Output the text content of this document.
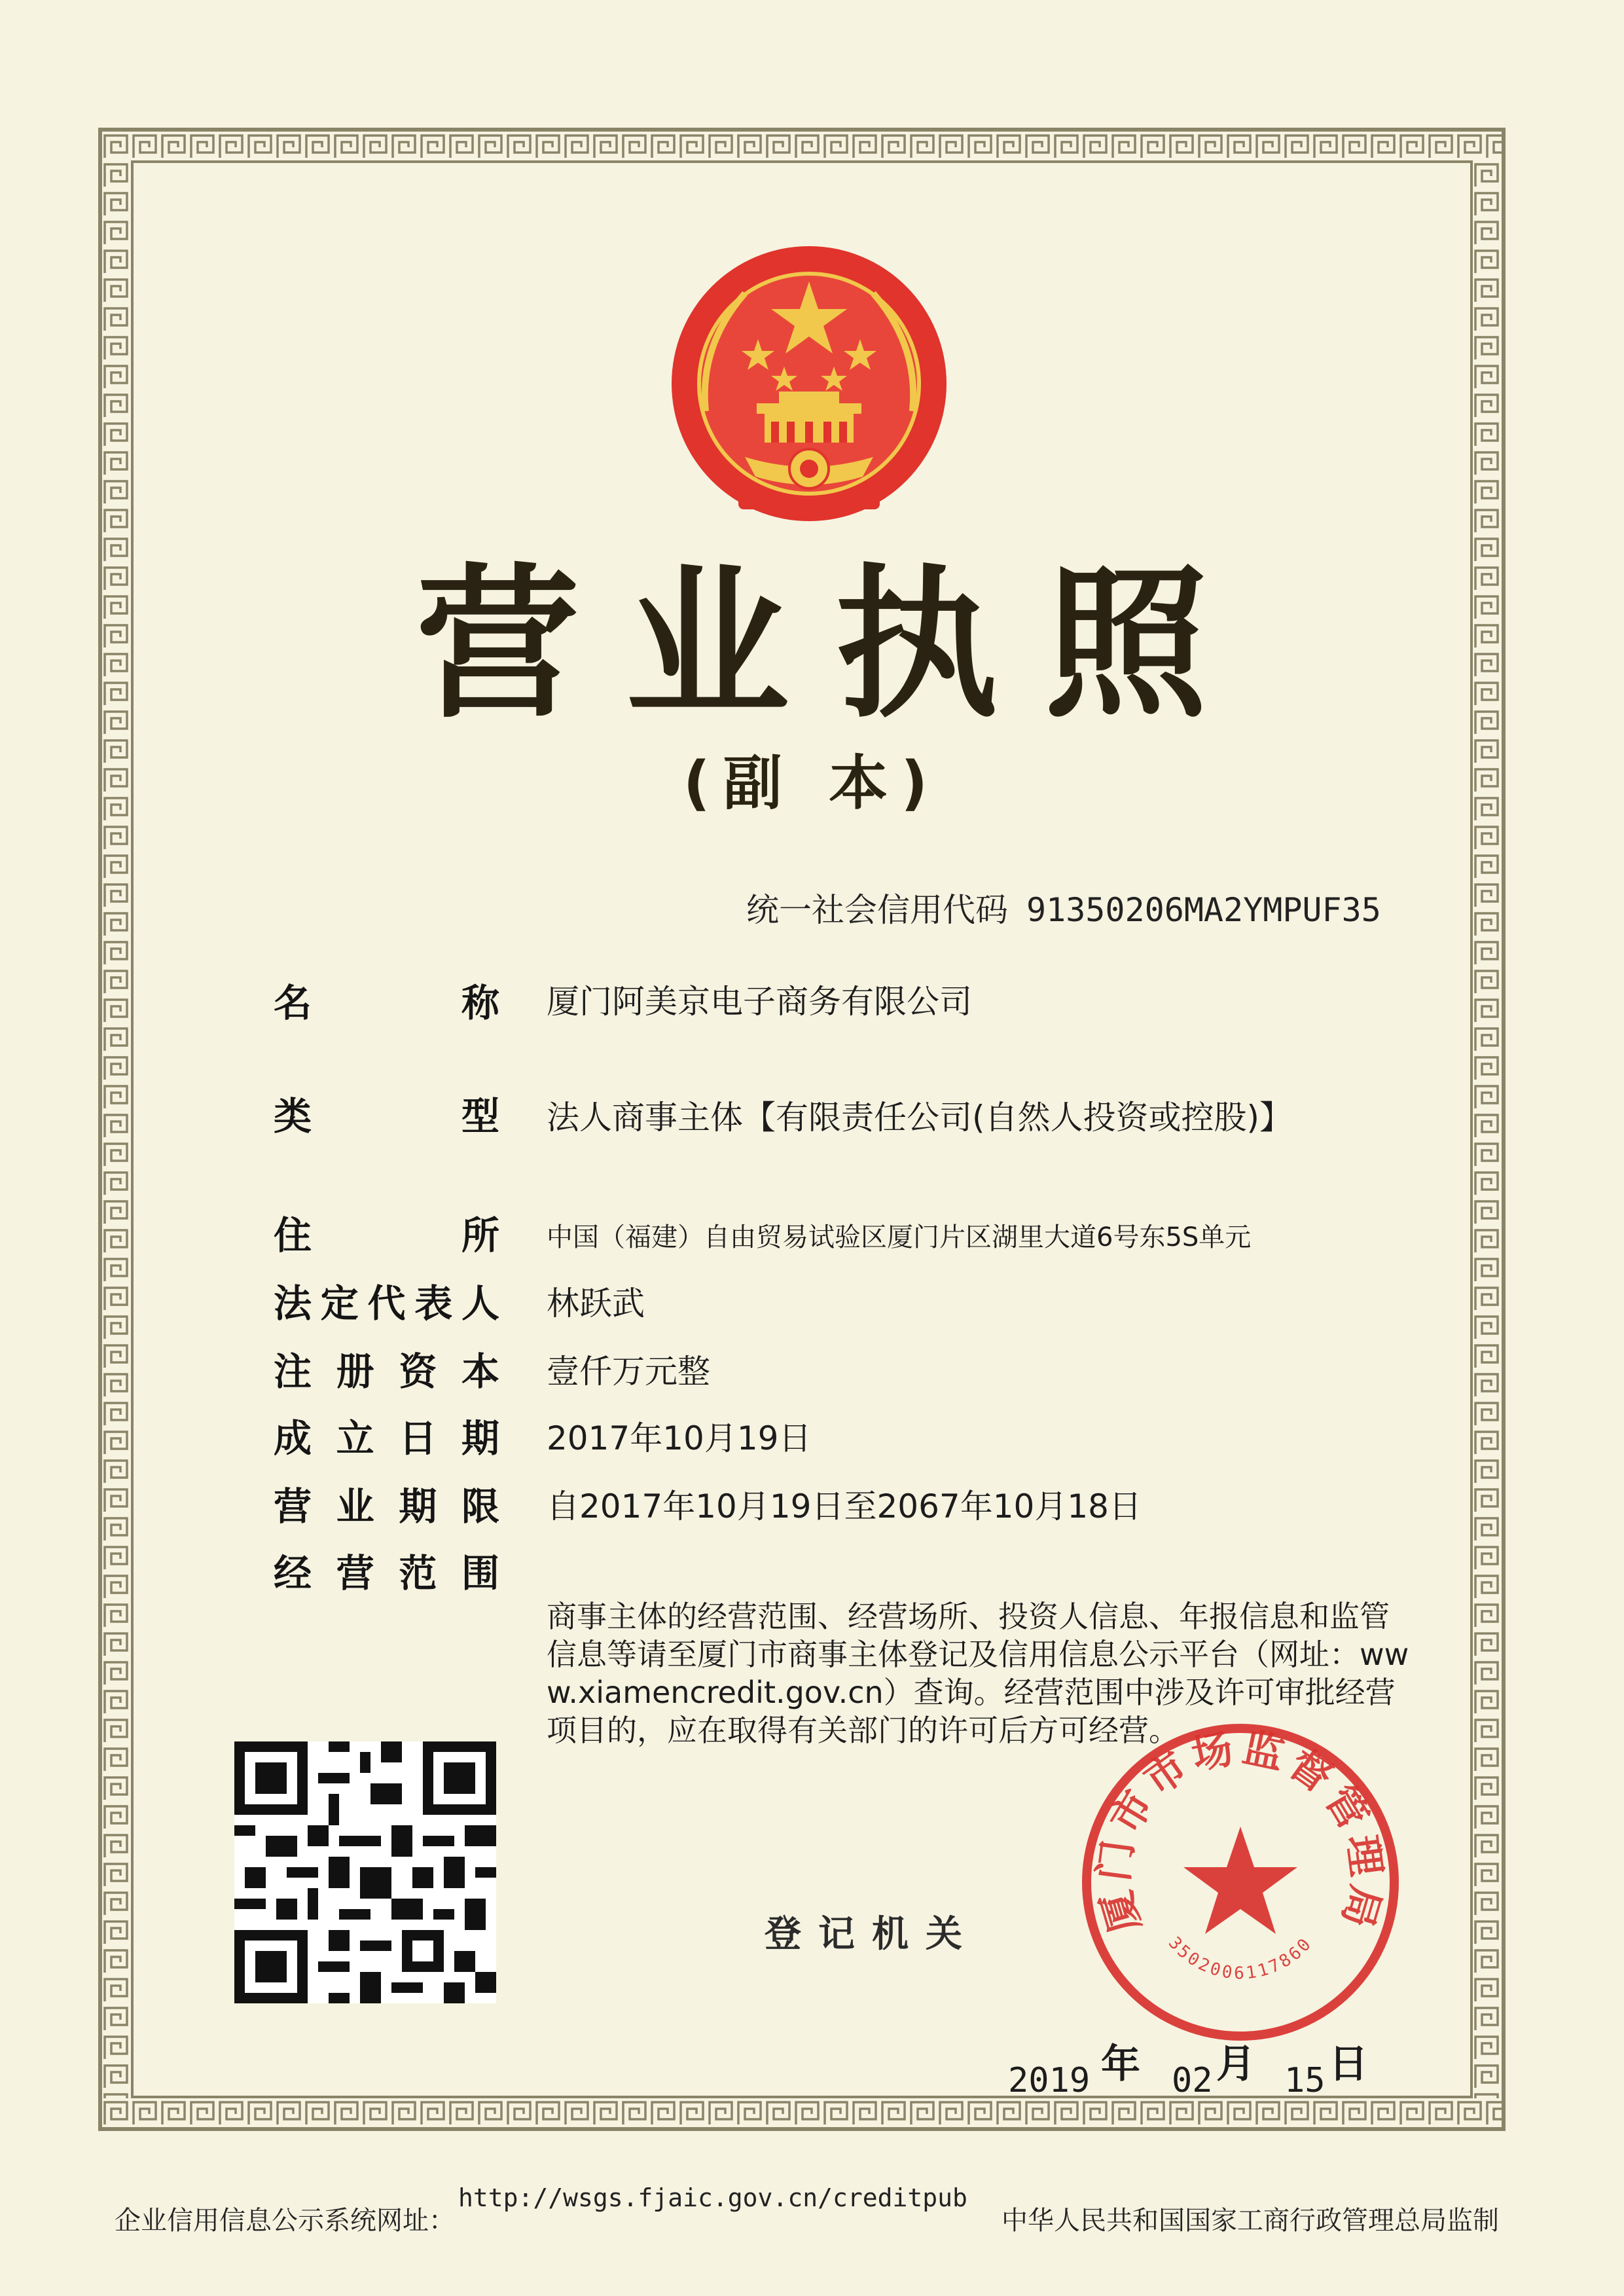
营业执照
(副 本)
统一社会信用代码 91350206MA2YMPUF35
名	称 厦门阿美京电子商务有限公司
类	型 法人商事主体【有限责任公司(自然人投资或控股)】
住	所 中国（福建）自由贸易试验区厦门片区湖里大道6号东5S单元
法 定 代 表 人 林跃武
注 册 资 本 壹仟万元整
成 立 日 期 2017年10月19日
营 业 期 限 自2017年10月19日至2067年10月18日
经 营 范 围
商事主体的经营范围、经营场所、投资人信息、年报信息和监管信息等请至厦门市商事主体登记及信用信息公示平台（网址：www.xiamencredit.gov.cn）查询。经营范围中涉及许可审批经营项目的，应在取得有关部门的许可后方可经营。
登记机关	厦门市市场监督管理局
3502006117860
2019 年 02 月 15 日
企业信用信息公示系统网址：
http://wsgs.fjaic.gov.cn/creditpub
中华人民共和国国家工商行政管理总局监制
